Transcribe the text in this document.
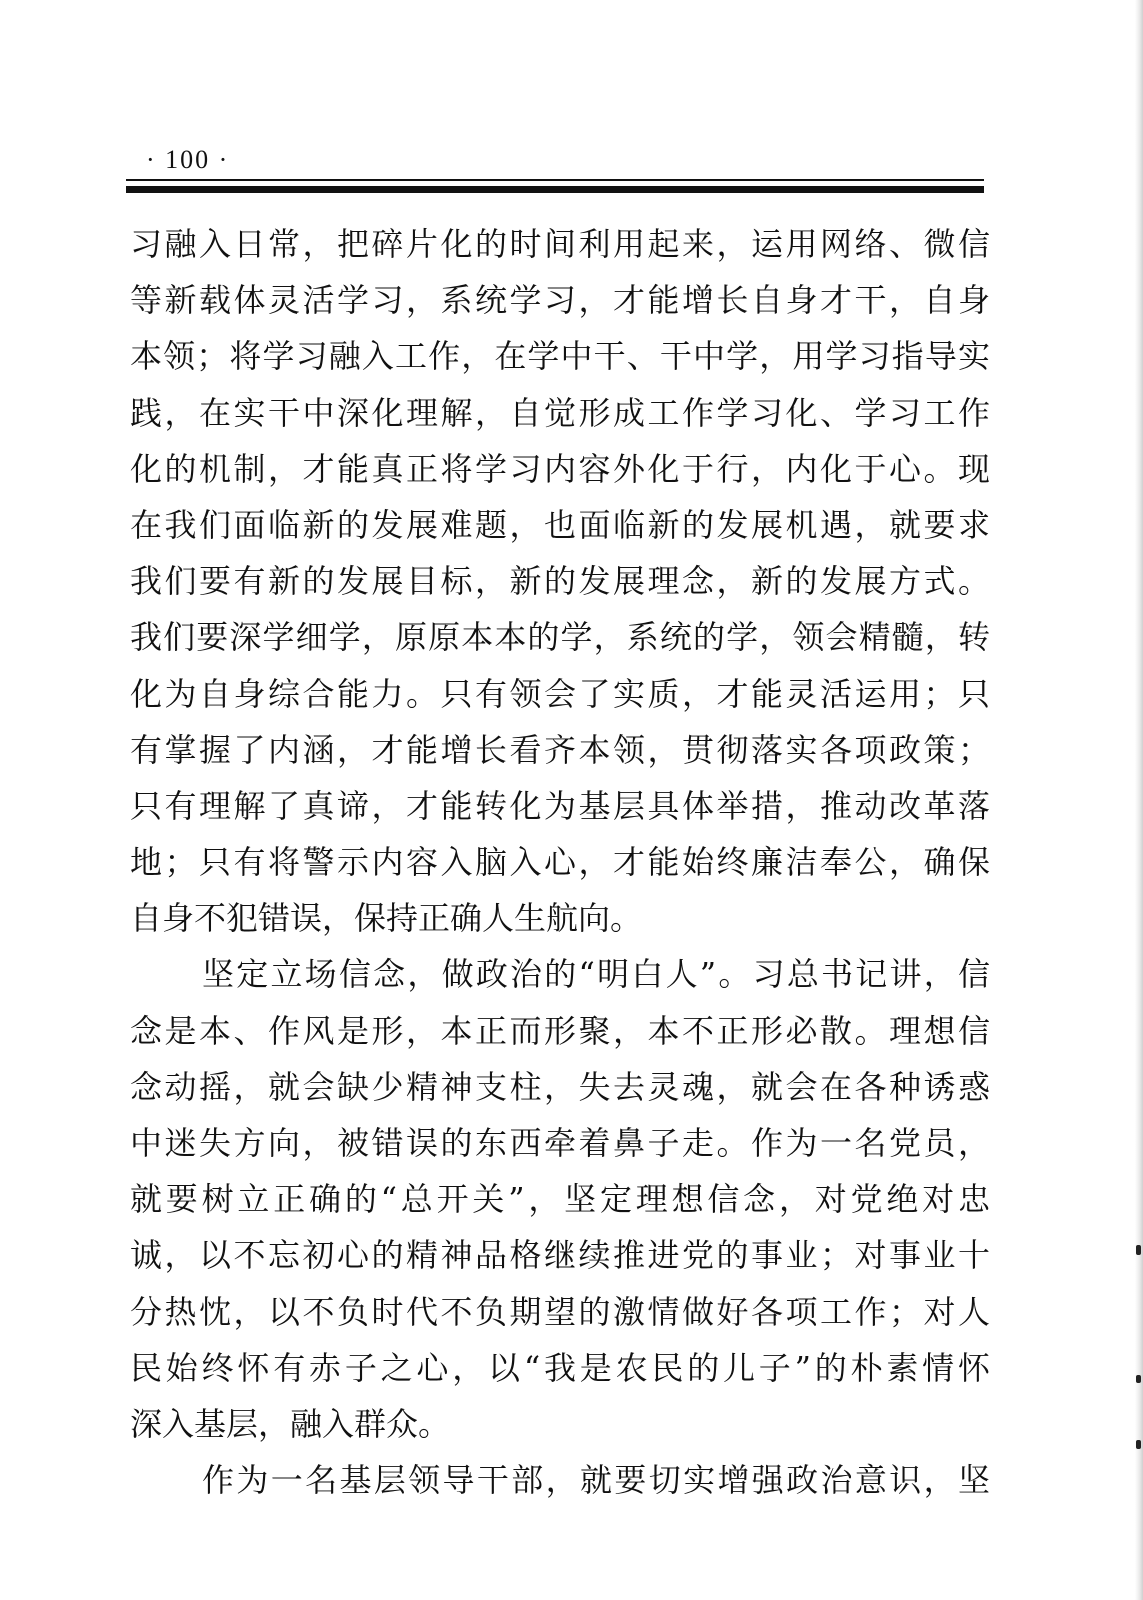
· 100 ·
习融入日常，把碎片化的时间利用起来，运用网络、微信
等新载体灵活学习，系统学习，才能增长自身才干，自身
本领；将学习融入工作，在学中干、干中学，用学习指导实
践，在实干中深化理解，自觉形成工作学习化、学习工作
化的机制，才能真正将学习内容外化于行，内化于心。现
在我们面临新的发展难题，也面临新的发展机遇，就要求
我们要有新的发展目标，新的发展理念，新的发展方式。
我们要深学细学，原原本本的学，系统的学，领会精髓，转
化为自身综合能力。只有领会了实质，才能灵活运用；只
有掌握了内涵，才能增长看齐本领，贯彻落实各项政策；
只有理解了真谛，才能转化为基层具体举措，推动改革落
地；只有将警示内容入脑入心，才能始终廉洁奉公，确保
自身不犯错误，保持正确人生航向。
坚定立场信念，做政治的“明白人”。习总书记讲，信
念是本、作风是形，本正而形聚，本不正形必散。理想信
念动摇，就会缺少精神支柱，失去灵魂，就会在各种诱惑
中迷失方向，被错误的东西牵着鼻子走。作为一名党员，
就要树立正确的“总开关”，坚定理想信念，对党绝对忠
诚，以不忘初心的精神品格继续推进党的事业；对事业十
分热忱，以不负时代不负期望的激情做好各项工作；对人
民始终怀有赤子之心，以“我是农民的儿子”的朴素情怀
深入基层，融入群众。
作为一名基层领导干部，就要切实增强政治意识，坚
